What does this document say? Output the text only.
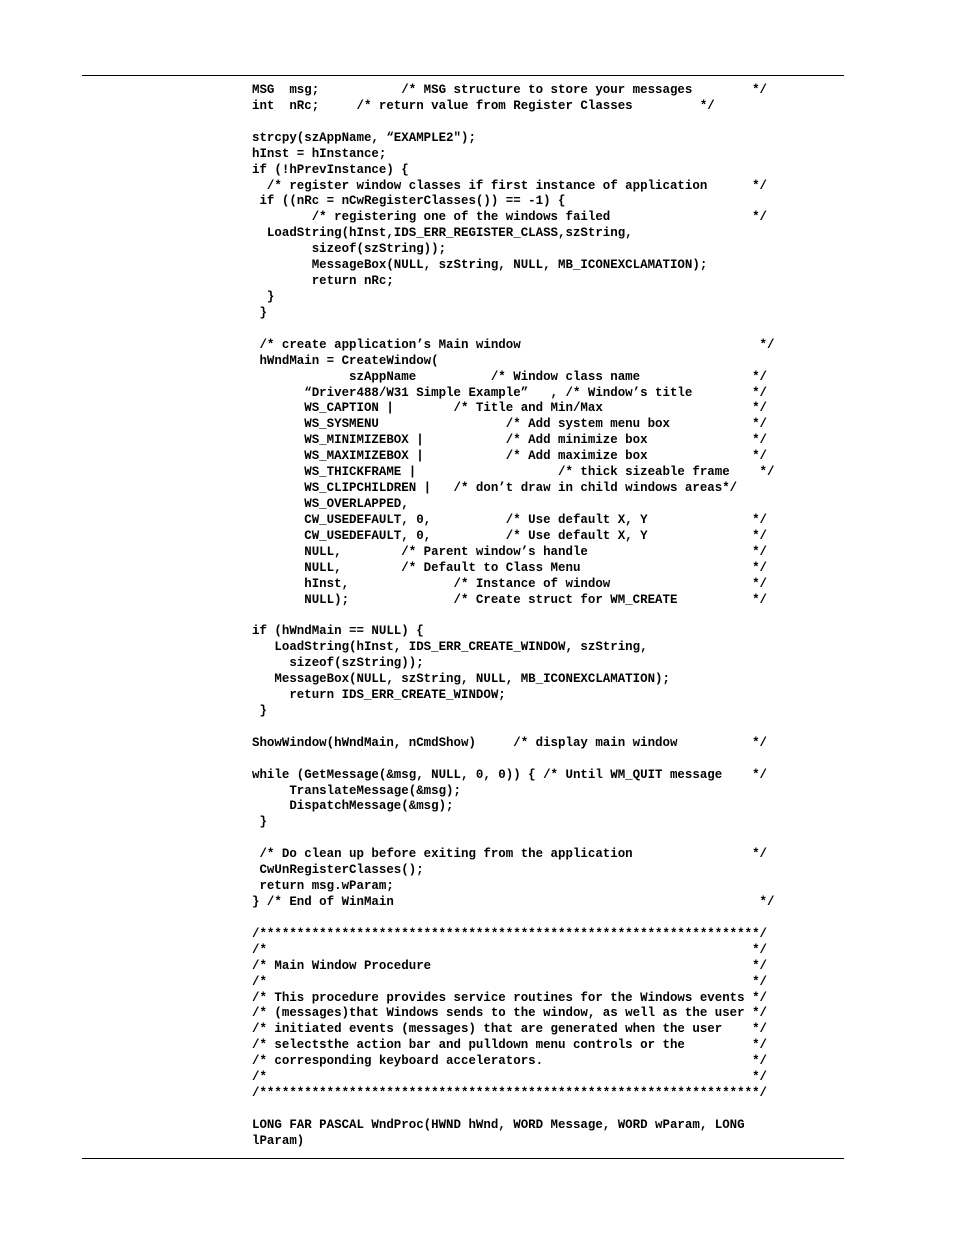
MSG  msg;           /* MSG structure to store your messages        */
int  nRc;     /* return value from Register Classes         */
strcpy(szAppName, “EXAMPLE2");
hInst = hInstance;
if (!hPrevInstance) {
/* register window classes if first instance of application      */
if ((nRc = nCwRegisterClasses()) == -1) {
/* registering one of the windows failed                   */
LoadString(hInst,IDS_ERR_REGISTER_CLASS,szString,
sizeof(szString));
MessageBox(NULL, szString, NULL, MB_ICONEXCLAMATION);
return nRc;
}
}
/* create application’s Main window                                */
hWndMain = CreateWindow(
szAppName          /* Window class name               */
“Driver488/W31 Simple Example”   , /* Window’s title        */
WS_CAPTION |        /* Title and Min/Max                    */
WS_SYSMENU                 /* Add system menu box           */
WS_MINIMIZEBOX |           /* Add minimize box              */
WS_MAXIMIZEBOX |           /* Add maximize box              */
WS_THICKFRAME |                   /* thick sizeable frame    */
WS_CLIPCHILDREN |   /* don’t draw in child windows areas*/
WS_OVERLAPPED,
CW_USEDEFAULT, 0,          /* Use default X, Y              */
CW_USEDEFAULT, 0,          /* Use default X, Y              */
NULL,        /* Parent window’s handle                      */
NULL,        /* Default to Class Menu                       */
hInst,              /* Instance of window                   */
NULL);              /* Create struct for WM_CREATE          */
if (hWndMain == NULL) {
LoadString(hInst, IDS_ERR_CREATE_WINDOW, szString,
sizeof(szString));
MessageBox(NULL, szString, NULL, MB_ICONEXCLAMATION);
return IDS_ERR_CREATE_WINDOW;
}
ShowWindow(hWndMain, nCmdShow)     /* display main window          */
while (GetMessage(&msg, NULL, 0, 0)) { /* Until WM_QUIT message    */
TranslateMessage(&msg);
DispatchMessage(&msg);
}
/* Do clean up before exiting from the application                */
CwUnRegisterClasses();
return msg.wParam;
} /* End of WinMain                                                 */
/*******************************************************************/
/*                                                                 */
/* Main Window Procedure                                           */
/*                                                                 */
/* This procedure provides service routines for the Windows events */
/* (messages)that Windows sends to the window, as well as the user */
/* initiated events (messages) that are generated when the user    */
/* selectsthe action bar and pulldown menu controls or the         */
/* corresponding keyboard accelerators.                            */
/*                                                                 */
/*******************************************************************/
LONG FAR PASCAL WndProc(HWND hWnd, WORD Message, WORD wParam, LONG
lParam)
